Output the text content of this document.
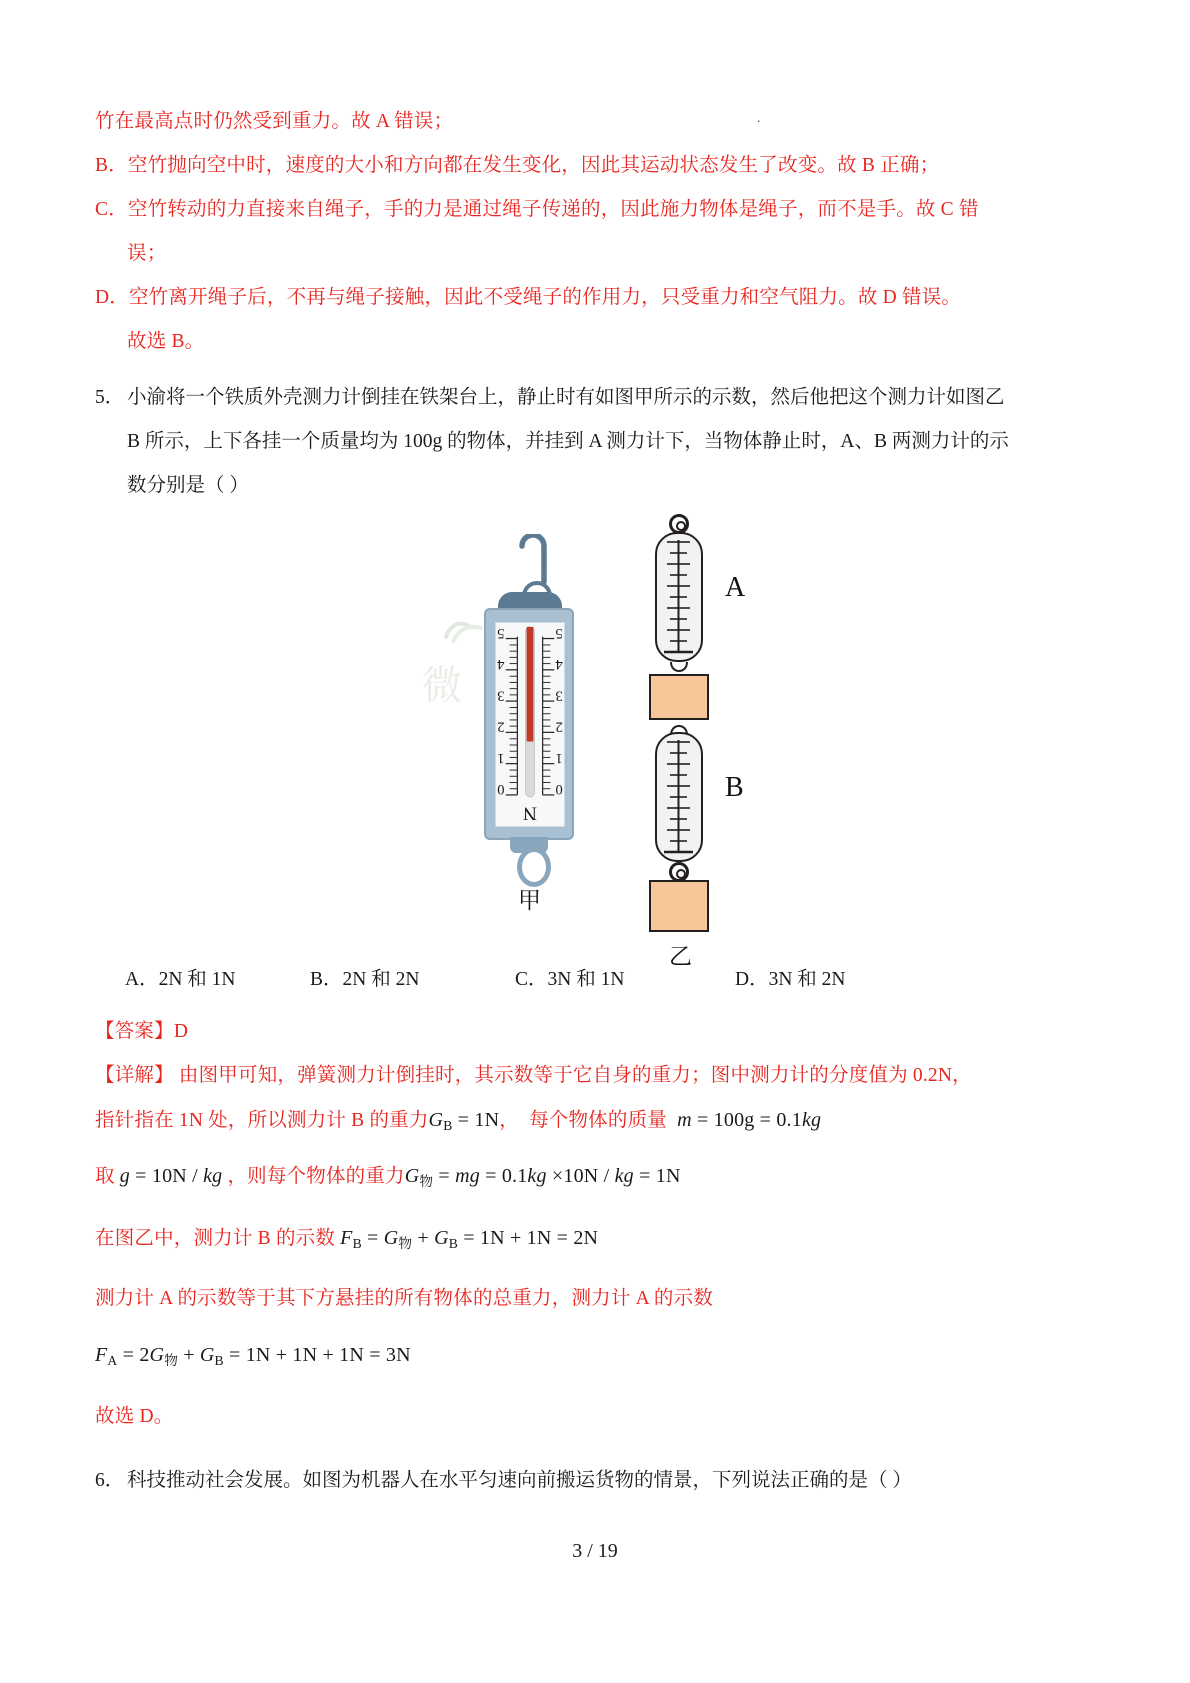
.

竹在最高点时仍然受到重力。故 A 错误；

B．空竹抛向空中时，速度的大小和方向都在发生变化，因此其运动状态发生了改变。故 B 正确；

C．空竹转动的力直接来自绳子，手的力是通过绳子传递的，因此施力物体是绳子，而不是手。故 C 错

误；

D．空竹离开绳子后，不再与绳子接触，因此不受绳子的作用力，只受重力和空气阻力。故 D 错误。

故选 B。

5． 小渝将一个铁质外壳测力计倒挂在铁架台上，静止时有如图甲所示的示数，然后他把这个测力计如图乙

B 所示，上下各挂一个质量均为 100g 的物体，并挂到 A 测力计下，当物体静止时，A、B 两测力计的示

数分别是（ ）

微
0
1
2
3
4
5
0
1
2
3
4
5
N
甲
A
B
乙
A．2N 和 1N	B．2N 和 2N	C．3N 和 1N	D．3N 和 2N

【答案】D

【详解】 由图甲可知，弹簧测力计倒挂时，其示数等于它自身的重力；图中测力计的分度值为 0.2N，

指针指在 1N 处，所以测力计 B 的重力$G_B = 1N$， 每个物体的质量 m = 100g = 0.1kg

取 g = 10N / kg ，则每个物体的重力$G_物$ = mg = 0.1kg ×10N / kg = 1N

在图乙中，测力计 B 的示数 $F_B = G_物 + G_B = 1N + 1N = 2N$

测力计 A 的示数等于其下方悬挂的所有物体的总重力，测力计 A 的示数

$F_A = 2G_物 + G_B = 1N + 1N + 1N = 3N$

故选 D。

6． 科技推动社会发展。如图为机器人在水平匀速向前搬运货物的情景，下列说法正确的是（ ）

3 / 19
